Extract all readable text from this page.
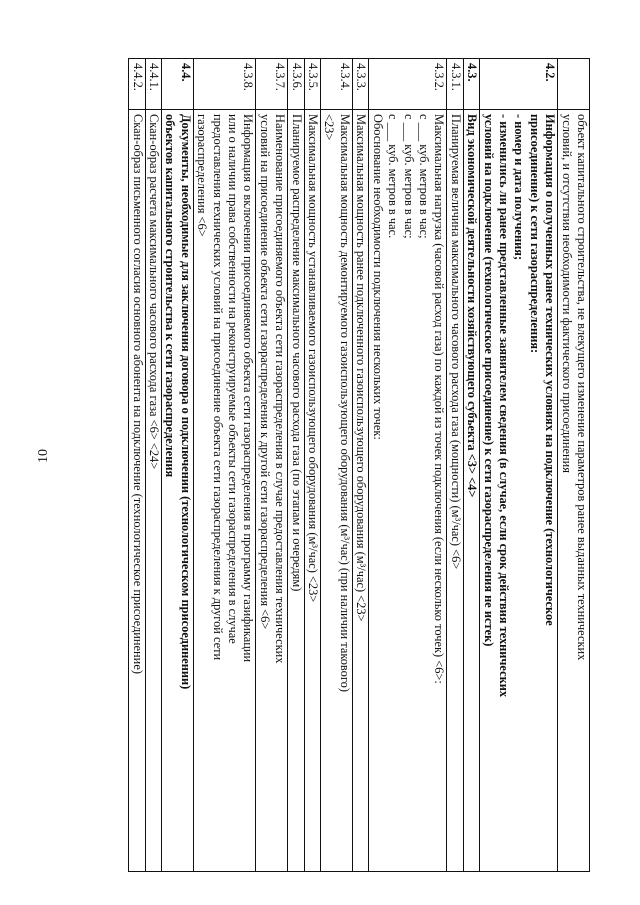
10

	объект капитального строительства, не влекущего изменение параметров ранее выданных технических
условий, и отсутствия необходимости фактического присоединения

4.2.	Информация о полученных ранее технических условиях на подключение (технологическое
присоединение) к сети газораспределения:
- номер и дата получения;
- изменились ли ранее представленные заявителем сведения (в случае, если срок действия технических
условий на подключение (технологическое присоединение) к сети газораспределения не истек)

4.3.	Вид экономической деятельности хозяйствующего субъекта <3> <4>

4.3.1.	Планируемая величина максимального часового расхода газа (мощности) (м³/час) <6>

4.3.2.	Максимальная нагрузка (часовой расход газа) по каждой из точек подключения (если несколько точек) <6>:
с ___ куб. метров в час;
с ___ куб. метров в час;
с ___ куб. метров в час.
Обоснование необходимости подключения нескольких точек:

4.3.3.	Максимальная мощность ранее подключенного газоиспользующего оборудования (м³/час) <23>

4.3.4.	Максимальная мощность демонтируемого газоиспользующего оборудования (м³/час) (при наличии такового)
<23>

4.3.5.	Максимальная мощность устанавливаемого газоиспользующего оборудования (м³/час) <23>

4.3.6.	Планируемое распределение максимального часового расхода газа (по этапам и очередям)

4.3.7.	Наименование присоединяемого объекта сети газораспределения в случае предоставления технических
условий на присоединение объекта сети газораспределения к другой сети газораспределения <6>

4.3.8.	Информация о включении присоединяемого объекта сети газораспределения в программу газификации
или о наличии права собственности на реконструируемые объекты сети газораспределения в случае
предоставления технических условий на присоединение объекта сети газораспределения к другой сети
газораспределения <6>

4.4.	Документы, необходимые для заключения договора о подключении (технологическом присоединении)
объектов капитального строительства к сети газораспределения

4.4.1.	Скан-образ расчета максимального часового расхода газа <6> <24>

4.4.2.	Скан-образ письменного согласия основного абонента на подключение (технологическое присоединение)
